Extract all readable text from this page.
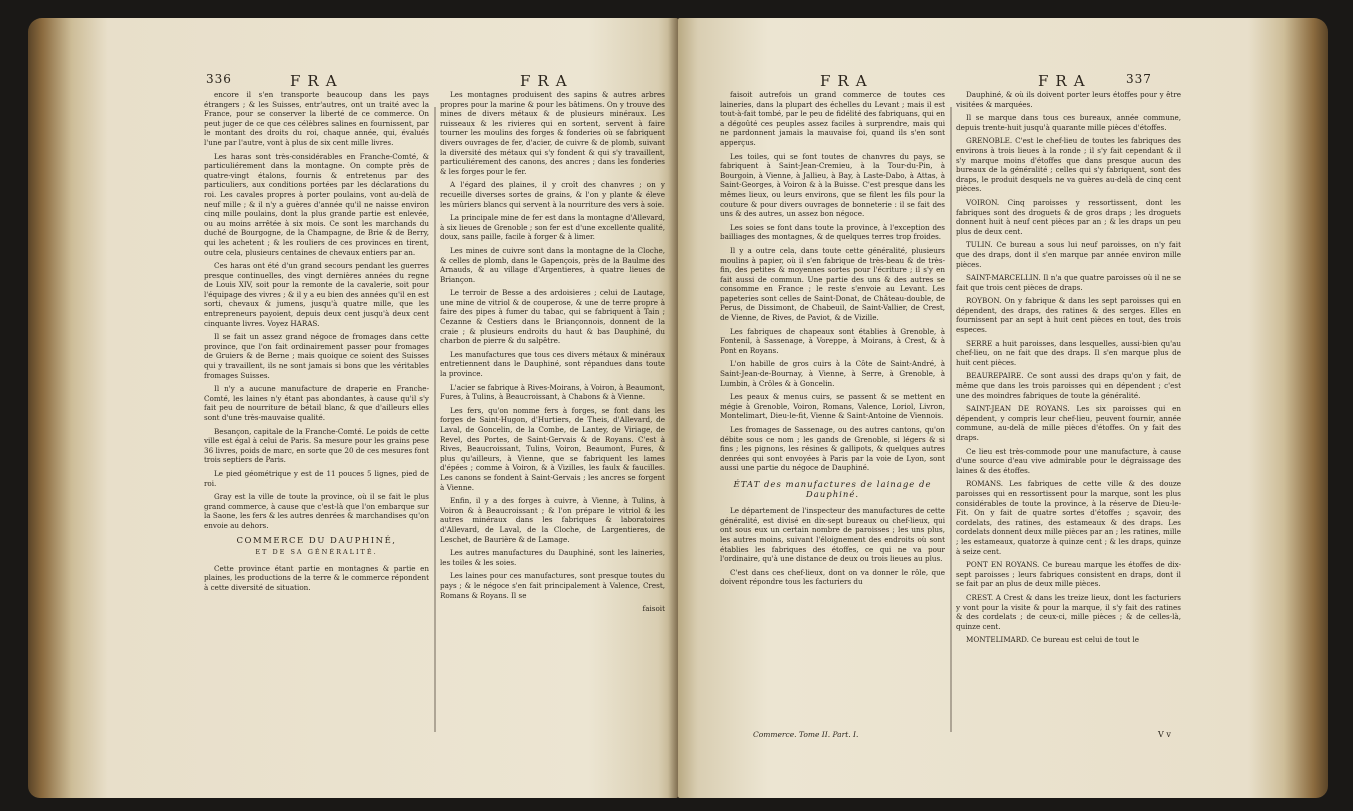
336	FRA	FRA

encore il s'en transporte beaucoup dans les pays étrangers ; & les Suisses, entr'autres, ont un traité avec la France, pour se conserver la liberté de ce commerce. On peut juger de ce que ces célèbres salines en fournissent, par le montant des droits du roi, chaque année, qui, évalués l'une par l'autre, vont à plus de six cent mille livres.

Les haras sont très-considérables en Franche-Comté, & particuliérement dans la montagne. On compte près de quatre-vingt étalons, fournis & entretenus par des particuliers, aux conditions portées par les déclarations du roi. Les cavales propres à porter poulains, vont au-delà de neuf mille ; & il n'y a guères d'année qu'il ne naisse environ cinq mille poulains, dont la plus grande partie est enlevée, ou au moins arrêtée à six mois. Ce sont les marchands du duché de Bourgogne, de la Champagne, de Brie & de Berry, qui les achetent ; & les rouliers de ces provinces en tirent, outre cela, plusieurs centaines de chevaux entiers par an.

Ces haras ont été d'un grand secours pendant les guerres presque continuelles, des vingt dernières années du regne de Louis XIV, soit pour la remonte de la cavalerie, soit pour l'équipage des vivres ; & il y a eu bien des années qu'il en est sorti, chevaux & jumens, jusqu'à quatre mille, que les entrepreneurs payoient, depuis deux cent jusqu'à deux cent cinquante livres. Voyez HARAS.

Il se fait un assez grand négoce de fromages dans cette province, que l'on fait ordinairement passer pour fromages de Gruiers & de Berne ; mais quoique ce soient des Suisses qui y travaillent, ils ne sont jamais si bons que les véritables fromages Suisses.

Il n'y a aucune manufacture de draperie en Franche-Comté, les laines n'y étant pas abondantes, à cause qu'il s'y fait peu de nourriture de bétail blanc, & que d'ailleurs elles sont d'une très-mauvaise qualité.

Besançon, capitale de la Franche-Comté. Le poids de cette ville est égal à celui de Paris. Sa mesure pour les grains pese 36 livres, poids de marc, en sorte que 20 de ces mesures font trois septiers de Paris.

Le pied géométrique y est de 11 pouces 5 lignes, pied de roi.

Gray est la ville de toute la province, où il se fait le plus grand commerce, à cause que c'est-là que l'on embarque sur la Saone, les fers & les autres denrées & marchandises qu'on envoie au dehors.

COMMERCE DU DAUPHINÉ,

ET DE SA GÉNÉRALITÉ.

Cette province étant partie en montagnes & partie en plaines, les productions de la terre & le commerce répondent à cette diversité de situation.

Les montagnes produisent des sapins & autres arbres propres pour la marine & pour les bâtimens. On y trouve des mines de divers métaux & de plusieurs minéraux. Les ruisseaux & les rivieres qui en sortent, servent à faire tourner les moulins des forges & fonderies où se fabriquent divers ouvrages de fer, d'acier, de cuivre & de plomb, suivant la diversité des métaux qui s'y fondent & qui s'y travaillent, particuliérement des canons, des ancres ; dans les fonderies & les forges pour le fer.

A l'égard des plaines, il y croît des chanvres ; on y recueille diverses sortes de grains, & l'on y plante & éleve les mûriers blancs qui servent à la nourriture des vers à soie.

La principale mine de fer est dans la montagne d'Allevard, à six lieues de Grenoble ; son fer est d'une excellente qualité, doux, sans paille, facile à forger & à limer.

Les mines de cuivre sont dans la montagne de la Cloche, & celles de plomb, dans le Gapençois, près de la Baulme des Arnauds, & au village d'Argentieres, à quatre lieues de Briançon.

Le terroir de Besse a des ardoisieres ; celui de Lautage, une mine de vitriol & de couperose, & une de terre propre à faire des pipes à fumer du tabac, qui se fabriquent à Tain ; Cezanne & Cestiers dans le Briançonnois, donnent de la craie ; & plusieurs endroits du haut & bas Dauphiné, du charbon de pierre & du salpêtre.

Les manufactures que tous ces divers métaux & minéraux entretiennent dans le Dauphiné, sont répandues dans toute la province.

L'acier se fabrique à Rives-Moirans, à Voiron, à Beaumont, Fures, à Tulins, à Beaucroissant, à Chabons & à Vienne.

Les fers, qu'on nomme fers à forges, se font dans les forges de Saint-Hugon, d'Hurtiers, de Theis, d'Allevard, de Laval, de Goncelin, de la Combe, de Lantey, de Viriage, de Revel, des Portes, de Saint-Gervais & de Royans. C'est à Rives, Beaucroissant, Tulins, Voiron, Beaumont, Fures, & plus qu'ailleurs, à Vienne, que se fabriquent les lames d'épées ; comme à Voiron, & à Vizilles, les faulx & faucilles. Les canons se fondent à Saint-Gervais ; les ancres se forgent à Vienne.

Enfin, il y a des forges à cuivre, à Vienne, à Tulins, à Voiron & à Beaucroissant ; & l'on prépare le vitriol & les autres minéraux dans les fabriques & laboratoires d'Allevard, de Laval, de la Cloche, de Largentieres, de Leschet, de Baurière & de Lamage.

Les autres manufactures du Dauphiné, sont les laineries, les toiles & les soies.

Les laines pour ces manufactures, sont presque toutes du pays ; & le négoce s'en fait principalement à Valence, Crest, Romans & Royans. Il se

faisoit

FRA	FRA	337

faisoit autrefois un grand commerce de toutes ces laineries, dans la plupart des échelles du Levant ; mais il est tout-à-fait tombé, par le peu de fidélité des fabriquans, qui en a dégoûté ces peuples assez faciles à surprendre, mais qui ne pardonnent jamais la mauvaise foi, quand ils s'en sont apperçus.

Les toiles, qui se font toutes de chanvres du pays, se fabriquent à Saint-Jean-Cremieu, à la Tour-du-Pin, à Bourgoin, à Vienne, à Jallieu, à Bay, à Laste-Dabo, à Attas, à Saint-Georges, à Voiron & à la Buisse. C'est presque dans les mêmes lieux, ou leurs environs, que se filent les fils pour la couture & pour divers ouvrages de bonneterie : il se fait des uns & des autres, un assez bon négoce.

Les soies se font dans toute la province, à l'exception des bailliages des montagnes, & de quelques terres trop froides.

Il y a outre cela, dans toute cette généralité, plusieurs moulins à papier, où il s'en fabrique de très-beau & de très-fin, des petites & moyennes sortes pour l'écriture ; il s'y en fait aussi de commun. Une partie des uns & des autres se consomme en France ; le reste s'envoie au Levant. Les papeteries sont celles de Saint-Donat, de Château-double, de Perus, de Dissimont, de Chabeuil, de Saint-Vallier, de Crest, de Vienne, de Rives, de Paviot, & de Vizille.

Les fabriques de chapeaux sont établies à Grenoble, à Fontenil, à Sassenage, à Voreppe, à Moirans, à Crest, & à Pont en Royans.

L'on habille de gros cuirs à la Côte de Saint-André, à Saint-Jean-de-Bournay, à Vienne, à Serre, à Grenoble, à Lumbin, à Crôles & à Goncelin.

Les peaux & menus cuirs, se passent & se mettent en mégie à Grenoble, Voiron, Romans, Valence, Loriol, Livron, Montelimart, Dieu-le-fit, Vienne & Saint-Antoine de Viennois.

Les fromages de Sassenage, ou des autres cantons, qu'on débite sous ce nom ; les gands de Grenoble, si légers & si fins ; les pignons, les résines & gallipots, & quelques autres denrées qui sont envoyées à Paris par la voie de Lyon, sont aussi une partie du négoce de Dauphiné.

ÉTAT des manufactures de lainage de Dauphiné.

Le département de l'inspecteur des manufactures de cette généralité, est divisé en dix-sept bureaux ou chef-lieux, qui ont sous eux un certain nombre de paroisses ; les uns plus, les autres moins, suivant l'éloignement des endroits où sont établies les fabriques des étoffes, ce qui ne va pour l'ordinaire, qu'à une distance de deux ou trois lieues au plus.

C'est dans ces chef-lieux, dont on va donner le rôle, que doivent répondre tous les facturiers du

Dauphiné, & où ils doivent porter leurs étoffes pour y être visitées & marquées.

Il se marque dans tous ces bureaux, année commune, depuis trente-huit jusqu'à quarante mille pièces d'étoffes.

GRENOBLE. C'est le chef-lieu de toutes les fabriques des environs à trois lieues à la ronde ; il s'y fait cependant & il s'y marque moins d'étoffes que dans presque aucun des bureaux de la généralité ; celles qui s'y fabriquent, sont des draps, le produit desquels ne va guères au-delà de cinq cent pièces.

VOIRON. Cinq paroisses y ressortissent, dont les fabriques sont des droguets & de gros draps ; les droguets donnent huit à neuf cent pièces par an ; & les draps un peu plus de deux cent.

TULIN. Ce bureau a sous lui neuf paroisses, on n'y fait que des draps, dont il s'en marque par année environ mille pièces.

SAINT-MARCELLIN. Il n'a que quatre paroisses où il ne se fait que trois cent pièces de draps.

ROYBON. On y fabrique & dans les sept paroisses qui en dépendent, des draps, des ratines & des serges. Elles en fournissent par an sept à huit cent pièces en tout, des trois especes.

SERRE a huit paroisses, dans lesquelles, aussi-bien qu'au chef-lieu, on ne fait que des draps. Il s'en marque plus de huit cent pièces.

BEAUREPAIRE. Ce sont aussi des draps qu'on y fait, de même que dans les trois paroisses qui en dépendent ; c'est une des moindres fabriques de toute la généralité.

SAINT-JEAN DE ROYANS. Les six paroisses qui en dépendent, y compris leur chef-lieu, peuvent fournir, année commune, au-delà de mille pièces d'étoffes. On y fait des draps.

Ce lieu est très-commode pour une manufacture, à cause d'une source d'eau vive admirable pour le dégraissage des laines & des étoffes.

ROMANS. Les fabriques de cette ville & des douze paroisses qui en ressortissent pour la marque, sont les plus considérables de toute la province, à la réserve de Dieu-le-Fit. On y fait de quatre sortes d'étoffes ; sçavoir, des cordelats, des ratines, des estameaux & des draps. Les cordelats donnent deux mille pièces par an ; les ratines, mille ; les estameaux, quatorze à quinze cent ; & les draps, quinze à seize cent.

PONT EN ROYANS. Ce bureau marque les étoffes de dix-sept paroisses ; leurs fabriques consistent en draps, dont il se fait par an plus de deux mille pièces.

CREST. A Crest & dans les treize lieux, dont les facturiers y vont pour la visite & pour la marque, il s'y fait des ratines & des cordelats ; de ceux-ci, mille pièces ; & de celles-là, quinze cent.

MONTELIMARD. Ce bureau est celui de tout le

Commerce. Tome II. Part. I.	V v
